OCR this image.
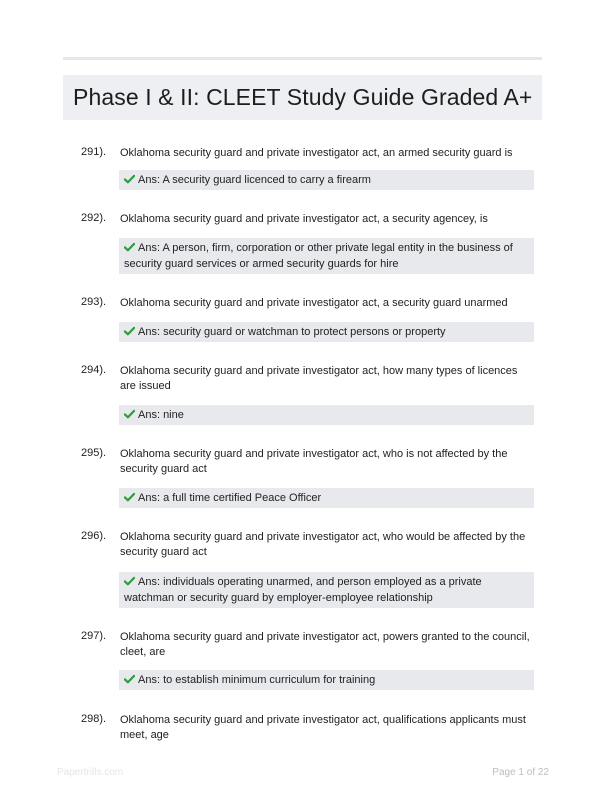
Phase I & II: CLEET Study Guide Graded A+
291). Oklahoma security guard and private investigator act, an armed security guard is
Ans: A security guard licenced to carry a firearm
292). Oklahoma security guard and private investigator act, a security agencey, is
Ans: A person, firm, corporation or other private legal entity in the business of security guard services or armed security guards for hire
293). Oklahoma security guard and private investigator act, a security guard unarmed
Ans: security guard or watchman to protect persons or property
294). Oklahoma security guard and private investigator act, how many types of licences are issued
Ans: nine
295). Oklahoma security guard and private investigator act, who is not affected by the security guard act
Ans: a full time certified Peace Officer
296). Oklahoma security guard and private investigator act, who would be affected by the security guard act
Ans: individuals operating unarmed, and person employed as a private watchman or security guard by employer-employee relationship
297). Oklahoma security guard and private investigator act, powers granted to the council, cleet, are
Ans: to establish minimum curriculum for training
298). Oklahoma security guard and private investigator act, qualifications applicants must meet, age
Papertrills.com	Page 1 of 22
